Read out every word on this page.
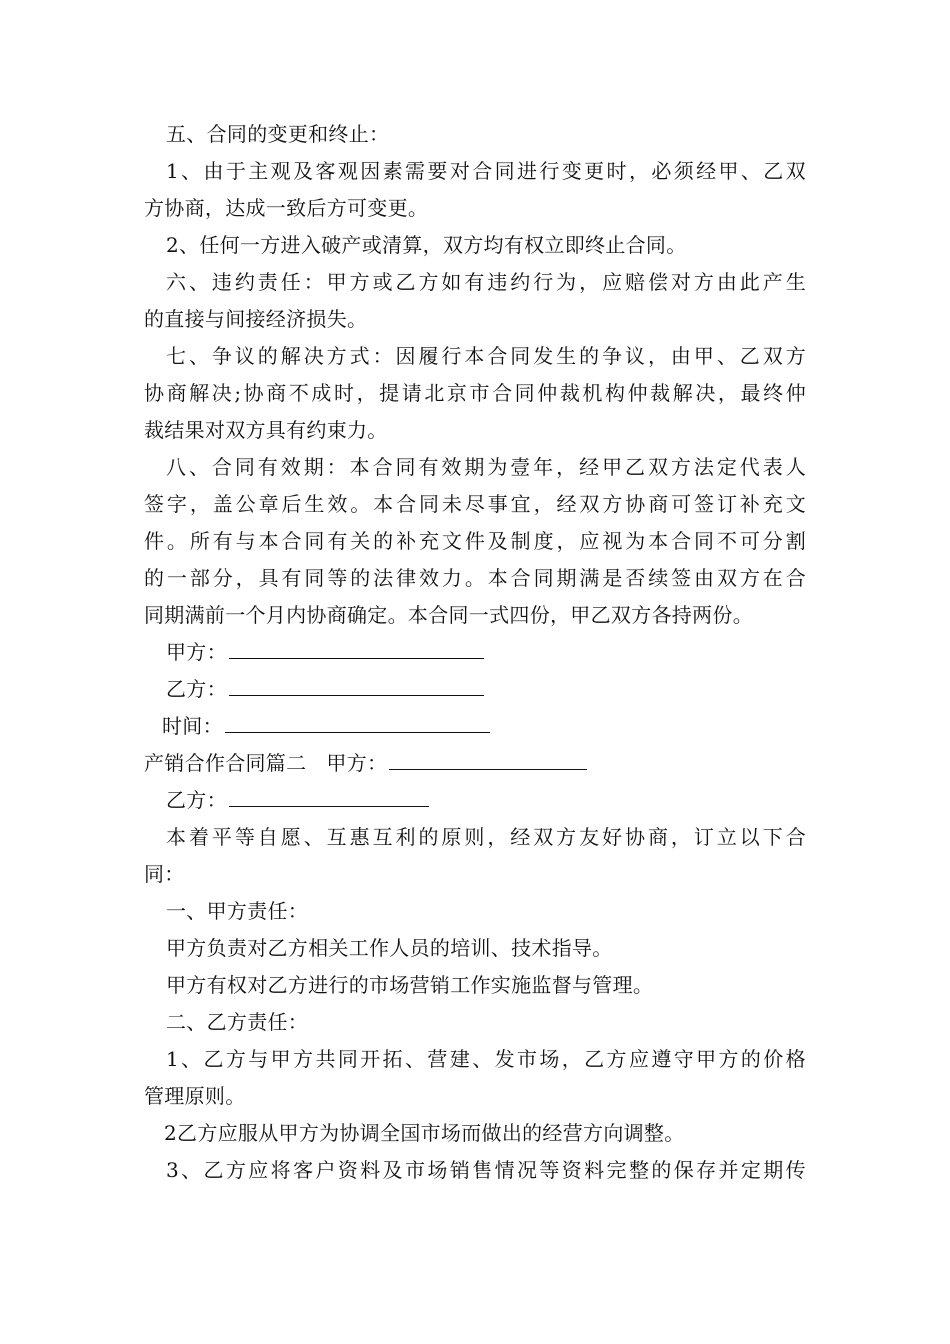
五、合同的变更和终止：
1、由于主观及客观因素需要对合同进行变更时，必须经甲、乙双
方协商，达成一致后方可变更。
2、任何一方进入破产或清算，双方均有权立即终止合同。
六、违约责任：甲方或乙方如有违约行为，应赔偿对方由此产生
的直接与间接经济损失。
七、争议的解决方式：因履行本合同发生的争议，由甲、乙双方
协商解决;协商不成时，提请北京市合同仲裁机构仲裁解决，最终仲
裁结果对双方具有约束力。
八、合同有效期：本合同有效期为壹年，经甲乙双方法定代表人
签字，盖公章后生效。本合同未尽事宜，经双方协商可签订补充文
件。所有与本合同有关的补充文件及制度，应视为本合同不可分割
的一部分，具有同等的法律效力。本合同期满是否续签由双方在合
同期满前一个月内协商确定。本合同一式四份，甲乙双方各持两份。
甲方：
乙方：
时间：
产销合作合同篇二 甲方：
乙方：
本着平等自愿、互惠互利的原则，经双方友好协商，订立以下合
同：
一、甲方责任：
甲方负责对乙方相关工作人员的培训、技术指导。
甲方有权对乙方进行的市场营销工作实施监督与管理。
二、乙方责任：
1、乙方与甲方共同开拓、营建、发市场，乙方应遵守甲方的价格
管理原则。
2乙方应服从甲方为协调全国市场而做出的经营方向调整。
3、乙方应将客户资料及市场销售情况等资料完整的保存并定期传
